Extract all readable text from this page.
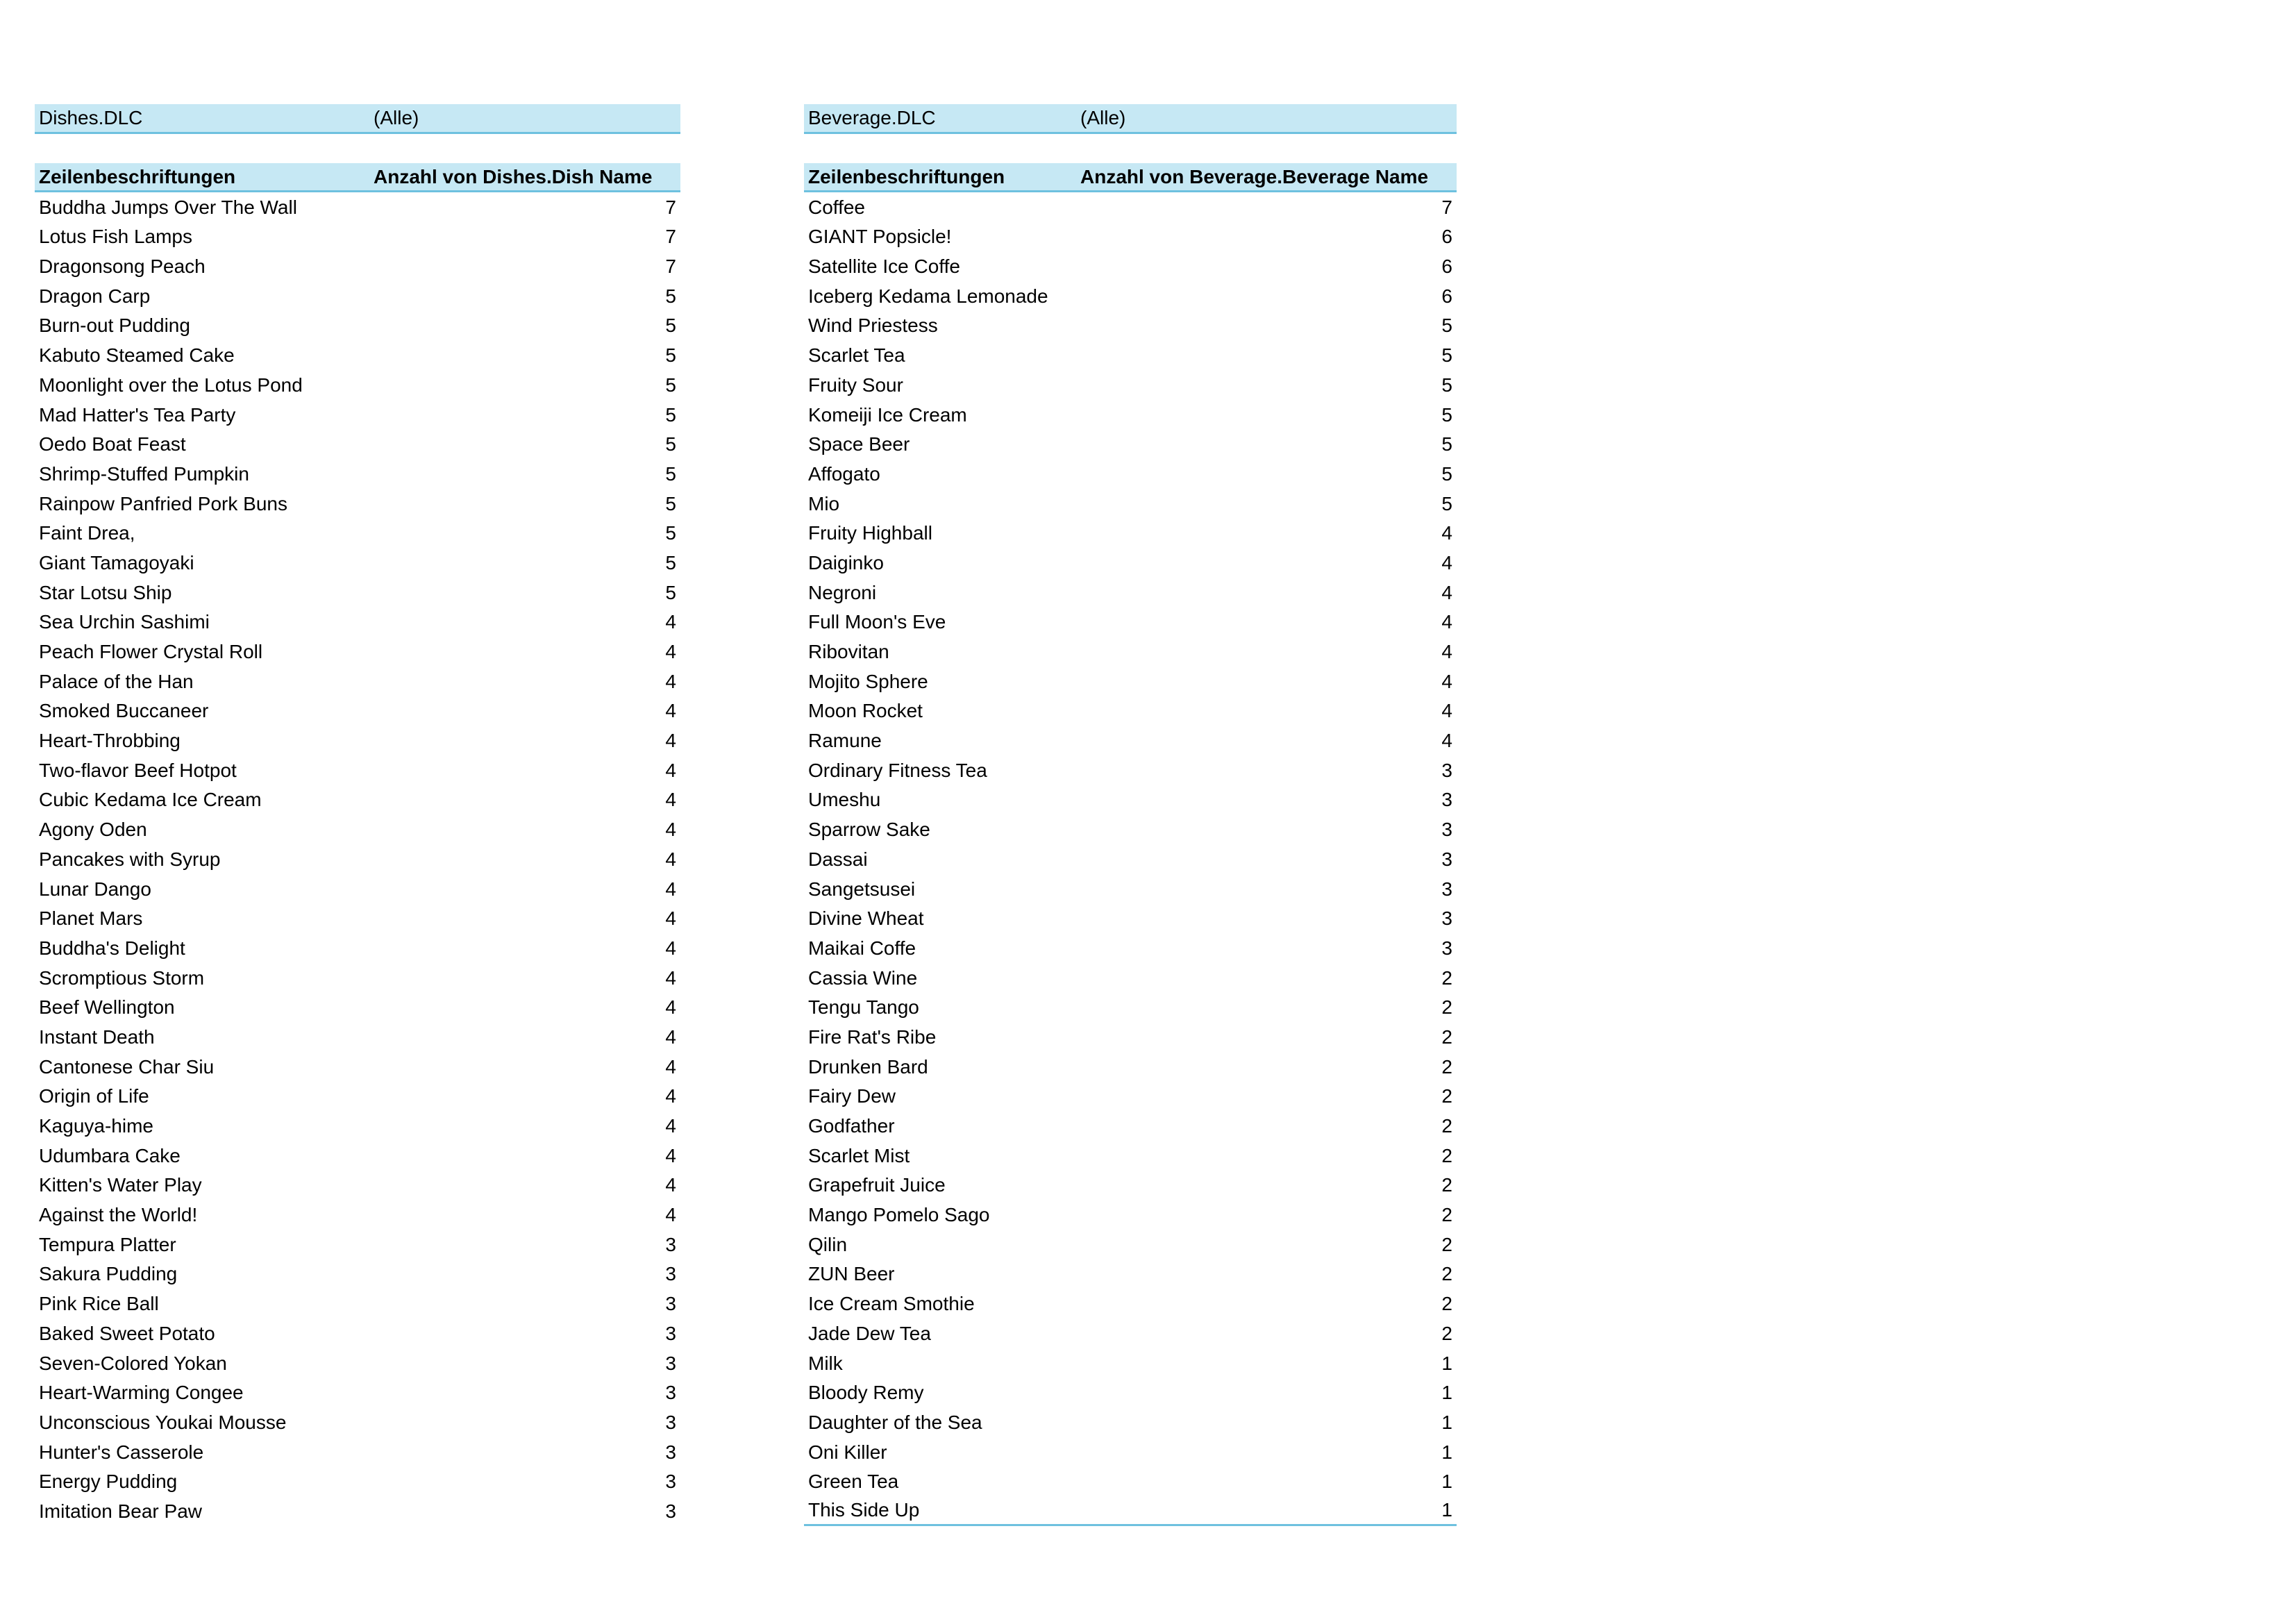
Dishes.DLC	(Alle)
Zeilenbeschriftungen	Anzahl von Dishes.Dish Name
Buddha Jumps Over The Wall	7
Lotus Fish Lamps	7
Dragonsong Peach	7
Dragon Carp	5
Burn-out Pudding	5
Kabuto Steamed Cake	5
Moonlight over the Lotus Pond	5
Mad Hatter's Tea Party	5
Oedo Boat Feast	5
Shrimp-Stuffed Pumpkin	5
Rainpow Panfried Pork Buns	5
Faint Drea,	5
Giant Tamagoyaki	5
Star Lotsu Ship	5
Sea Urchin Sashimi	4
Peach Flower Crystal Roll	4
Palace of the Han	4
Smoked Buccaneer	4
Heart-Throbbing	4
Two-flavor Beef Hotpot	4
Cubic Kedama Ice Cream	4
Agony Oden	4
Pancakes with Syrup	4
Lunar Dango	4
Planet Mars	4
Buddha's Delight	4
Scromptious Storm	4
Beef Wellington	4
Instant Death	4
Cantonese Char Siu	4
Origin of Life	4
Kaguya-hime	4
Udumbara Cake	4
Kitten's Water Play	4
Against the World!	4
Tempura Platter	3
Sakura Pudding	3
Pink Rice Ball	3
Baked Sweet Potato	3
Seven-Colored Yokan	3
Heart-Warming Congee	3
Unconscious Youkai Mousse	3
Hunter's Casserole	3
Energy Pudding	3
Imitation Bear Paw	3
Beverage.DLC	(Alle)
Zeilenbeschriftungen	Anzahl von Beverage.Beverage Name
Coffee	7
GIANT Popsicle!	6
Satellite Ice Coffe	6
Iceberg Kedama Lemonade	6
Wind Priestess	5
Scarlet Tea	5
Fruity Sour	5
Komeiji Ice Cream	5
Space Beer	5
Affogato	5
Mio	5
Fruity Highball	4
Daiginko	4
Negroni	4
Full Moon's Eve	4
Ribovitan	4
Mojito Sphere	4
Moon Rocket	4
Ramune	4
Ordinary Fitness Tea	3
Umeshu	3
Sparrow Sake	3
Dassai	3
Sangetsusei	3
Divine Wheat	3
Maikai Coffe	3
Cassia Wine	2
Tengu Tango	2
Fire Rat's Ribe	2
Drunken Bard	2
Fairy Dew	2
Godfather	2
Scarlet Mist	2
Grapefruit Juice	2
Mango Pomelo Sago	2
Qilin	2
ZUN Beer	2
Ice Cream Smothie	2
Jade Dew Tea	2
Milk	1
Bloody Remy	1
Daughter of the Sea	1
Oni Killer	1
Green Tea	1
This Side Up	1
